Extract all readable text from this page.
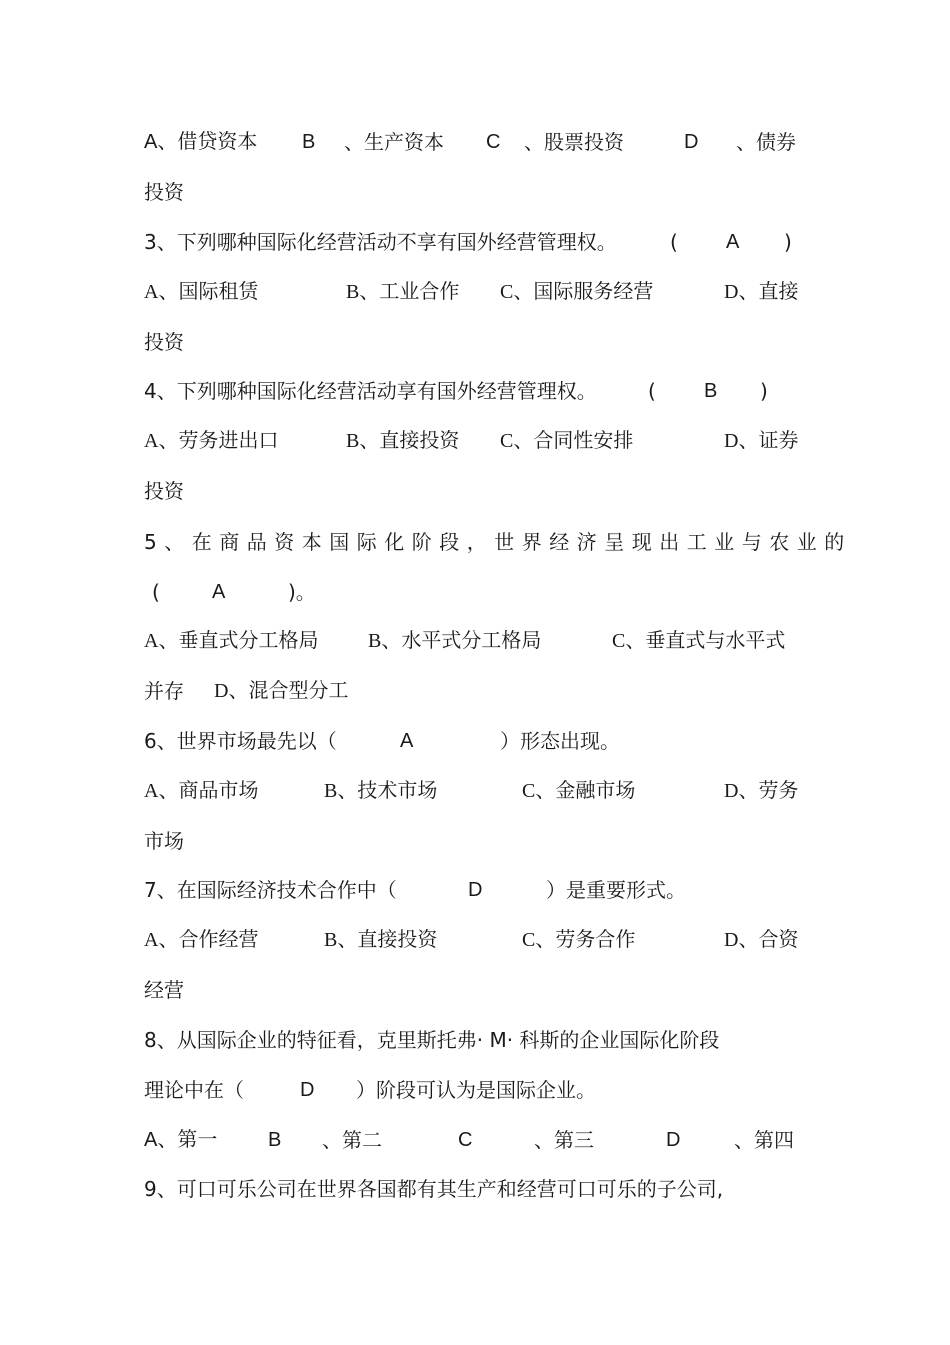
A、借贷资本 B 、生产资本 C 、股票投资	D 、债券
投资
3、下列哪种国际化经营活动不享有国外经营管理权。	( A )
A、国际租赁	B、工业合作 C、国际服务经营	D、直接
投资
4、下列哪种国际化经营活动享有国外经营管理权。	( B )
A、劳务进出口	B、直接投资 C、合同性安排	D、证券
投资
5、在商品资本国际化阶段，世界经济呈现出工业与农业的
(	A	)。
A、垂直式分工格局 B、水平式分工格局	C、垂直式与水平式
并存 D、混合型分工
6、世界市场最先以（	A	）形态出现。
A、商品市场	B、技术市场	C、金融市场	D、劳务
市场
7、在国际经济技术合作中（	D	）是重要形式。
A、合作经营	B、直接投资	C、劳务合作	D、合资
经营
8、从国际企业的特征看，克里斯托弗· M· 科斯的企业国际化阶段
理论中在（	D ）阶段可认为是国际企业。
A、第一	B 、第二	C	、第三	D	、第四
9、可口可乐公司在世界各国都有其生产和经营可口可乐的子公司,
